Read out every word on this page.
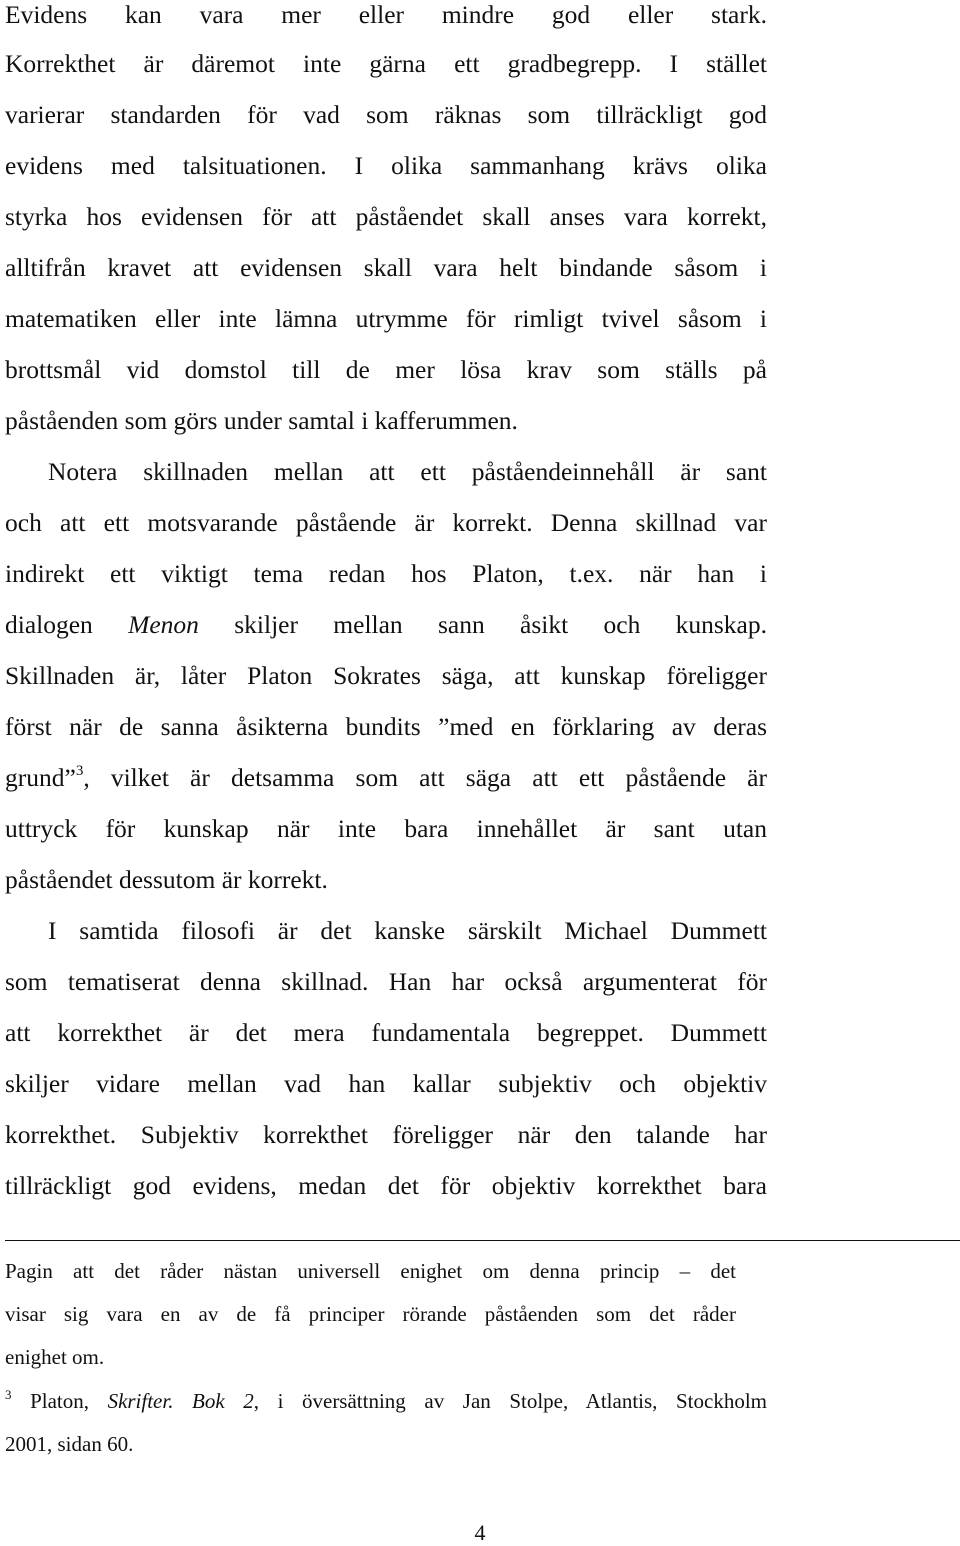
Evidens kan vara mer eller mindre god eller stark.

Korrekthet är däremot inte gärna ett gradbegrepp. I stället

varierar standarden för vad som räknas som tillräckligt god

evidens med talsituationen. I olika sammanhang krävs olika

styrka hos evidensen för att påståendet skall anses vara korrekt,

alltifrån kravet att evidensen skall vara helt bindande såsom i

matematiken eller inte lämna utrymme för rimligt tvivel såsom i

brottsmål vid domstol till de mer lösa krav som ställs på

påståenden som görs under samtal i kafferummen.

Notera skillnaden mellan att ett påståendeinnehåll är sant

och att ett motsvarande påstående är korrekt. Denna skillnad var

indirekt ett viktigt tema redan hos Platon, t.ex. när han i

dialogen Menon skiljer mellan sann åsikt och kunskap.

Skillnaden är, låter Platon Sokrates säga, att kunskap föreligger

först när de sanna åsikterna bundits ”med en förklaring av deras

grund”$^3$, vilket är detsamma som att säga att ett påstående är

uttryck för kunskap när inte bara innehållet är sant utan

påståendet dessutom är korrekt.

I samtida filosofi är det kanske särskilt Michael Dummett

som tematiserat denna skillnad. Han har också argumenterat för

att korrekthet är det mera fundamentala begreppet. Dummett

skiljer vidare mellan vad han kallar subjektiv och objektiv

korrekthet. Subjektiv korrekthet föreligger när den talande har

tillräckligt god evidens, medan det för objektiv korrekthet bara

Pagin att det råder nästan universell enighet om denna princip – det

visar sig vara en av de få principer rörande påståenden som det råder

enighet om.

$^3$ Platon, Skrifter. Bok 2, i översättning av Jan Stolpe, Atlantis, Stockholm

2001, sidan 60.

4
